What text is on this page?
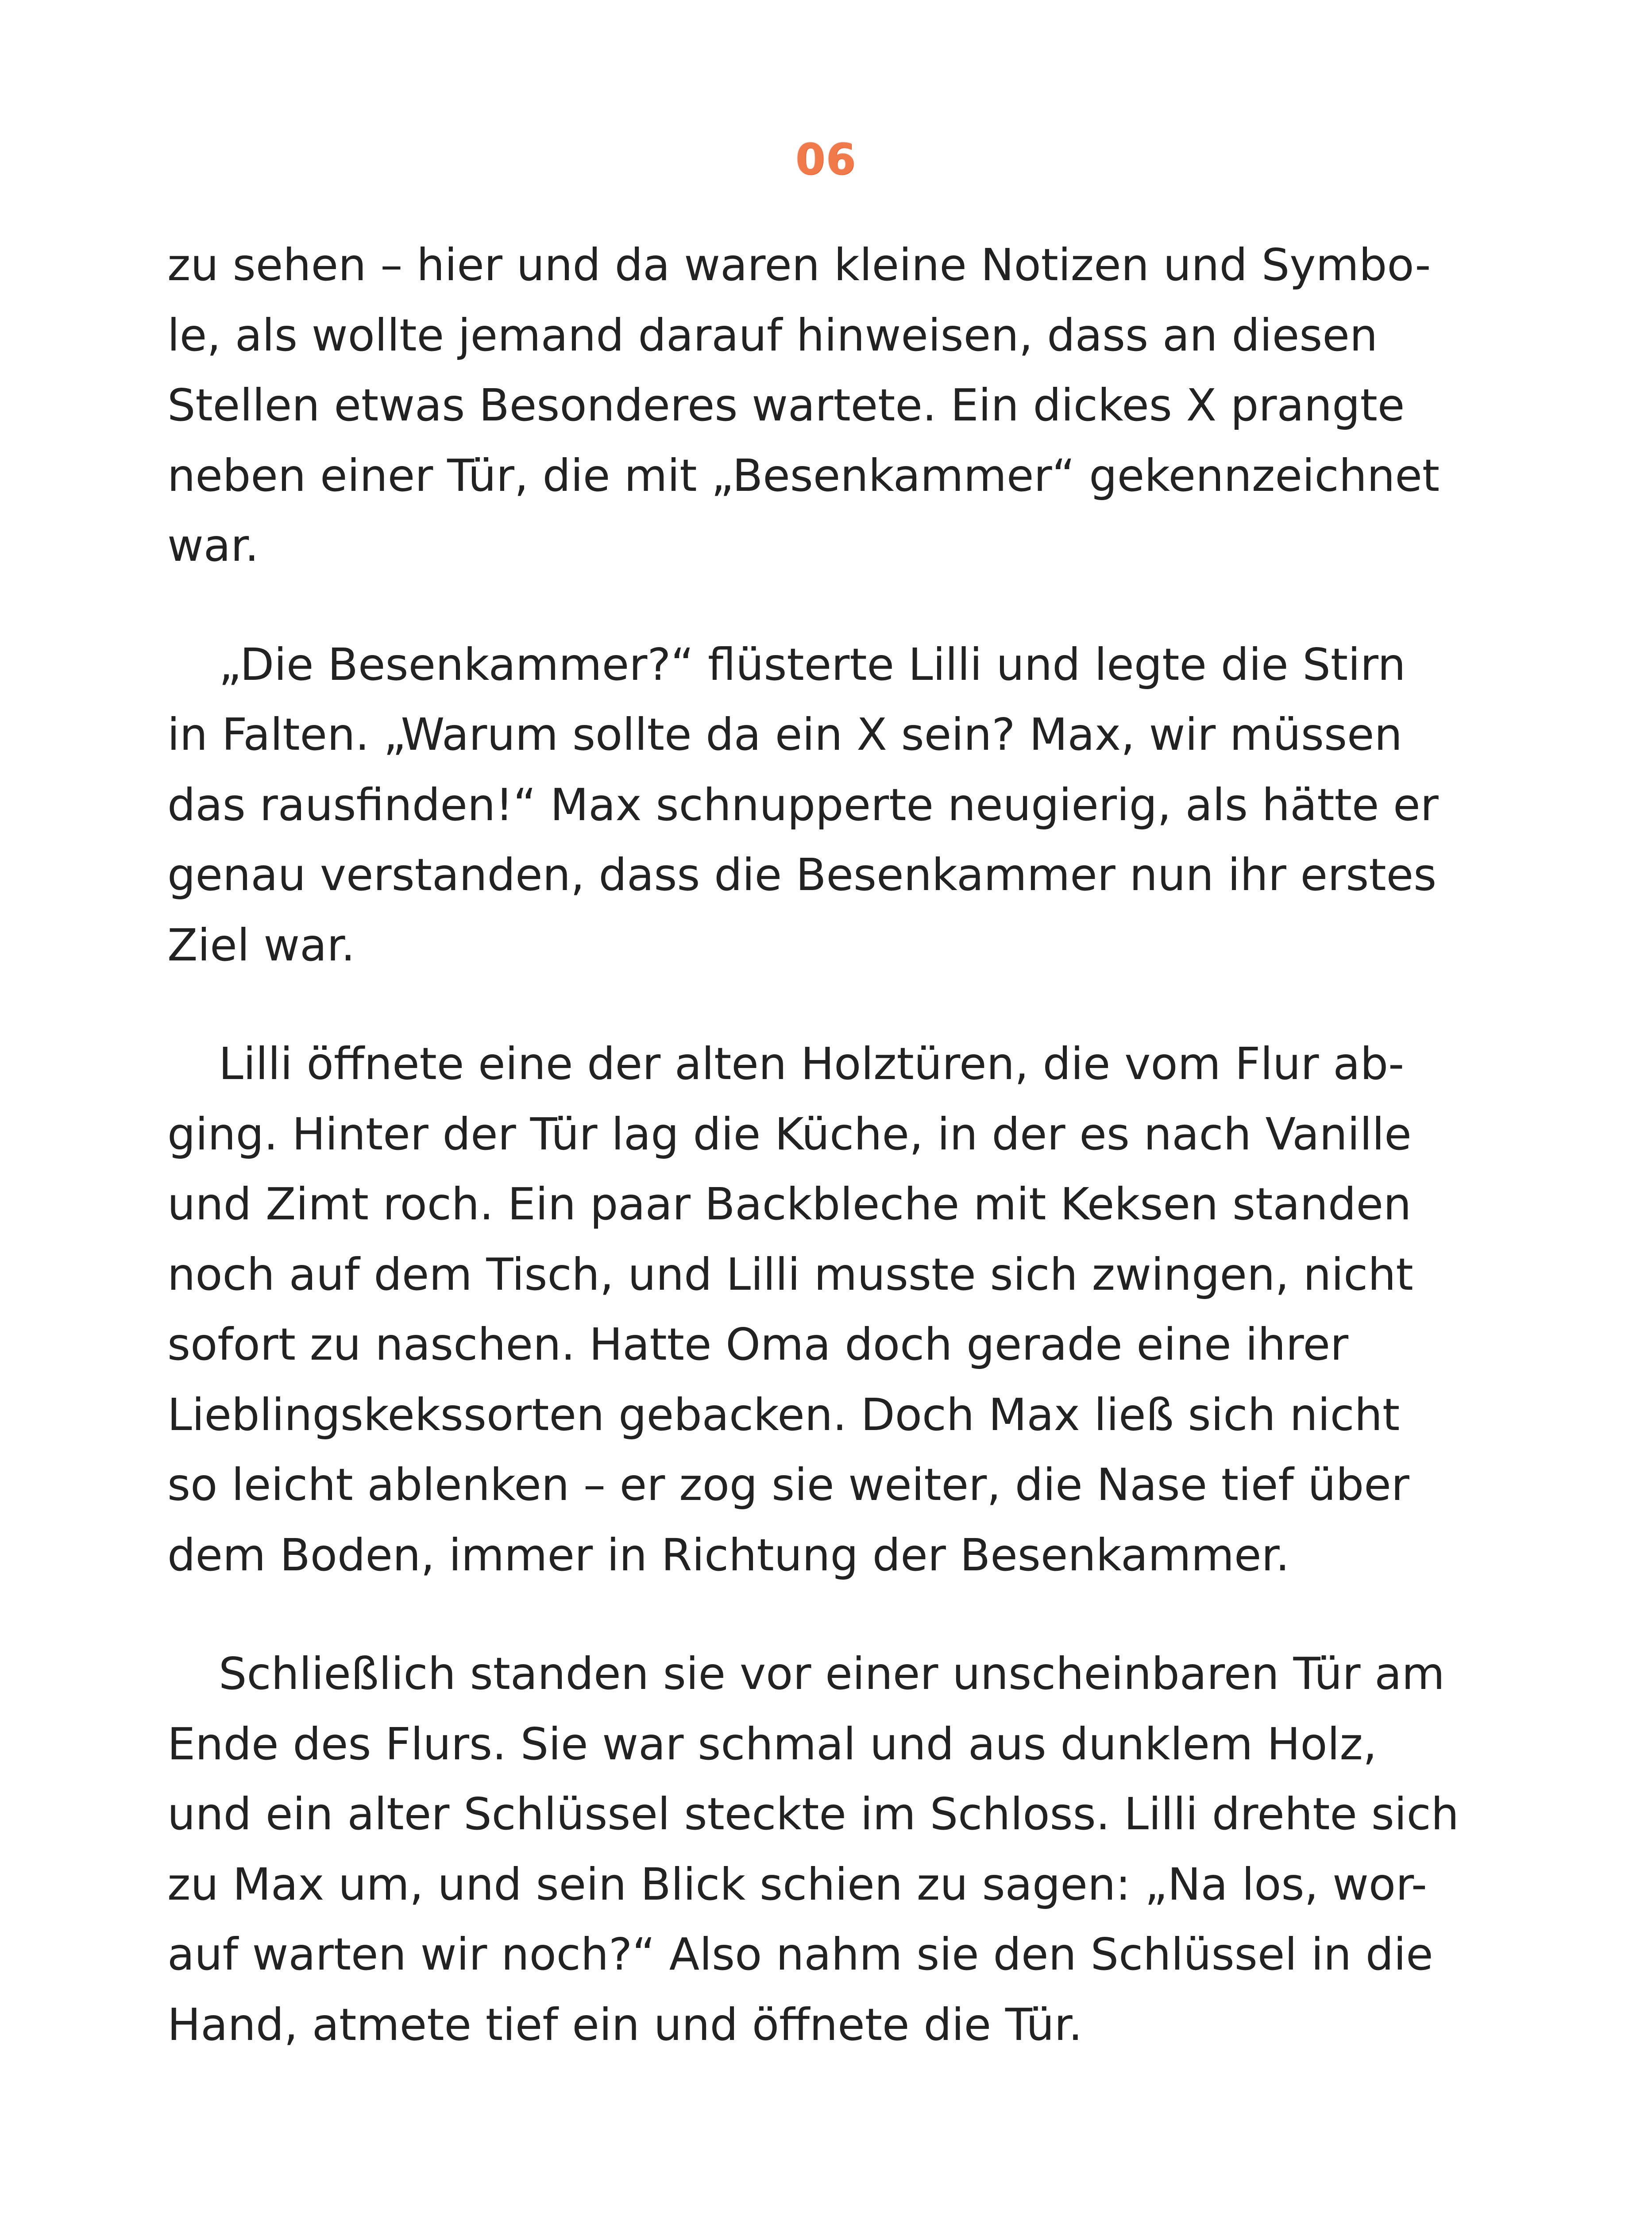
06
zu sehen – hier und da waren kleine Notizen und Symbo-
le, als wollte jemand darauf hinweisen, dass an diesen
Stellen etwas Besonderes wartete. Ein dickes X prangte
neben einer Tür, die mit „Besenkammer“ gekennzeichnet
war.
„Die Besenkammer?“ flüsterte Lilli und legte die Stirn
in Falten. „Warum sollte da ein X sein? Max, wir müssen
das rausfinden!“ Max schnupperte neugierig, als hätte er
genau verstanden, dass die Besenkammer nun ihr erstes
Ziel war.
Lilli öffnete eine der alten Holztüren, die vom Flur ab-
ging. Hinter der Tür lag die Küche, in der es nach Vanille
und Zimt roch. Ein paar Backbleche mit Keksen standen
noch auf dem Tisch, und Lilli musste sich zwingen, nicht
sofort zu naschen. Hatte Oma doch gerade eine ihrer
Lieblingskekssorten gebacken. Doch Max ließ sich nicht
so leicht ablenken – er zog sie weiter, die Nase tief über
dem Boden, immer in Richtung der Besenkammer.
Schließlich standen sie vor einer unscheinbaren Tür am
Ende des Flurs. Sie war schmal und aus dunklem Holz,
und ein alter Schlüssel steckte im Schloss. Lilli drehte sich
zu Max um, und sein Blick schien zu sagen: „Na los, wor-
auf warten wir noch?“ Also nahm sie den Schlüssel in die
Hand, atmete tief ein und öffnete die Tür.
